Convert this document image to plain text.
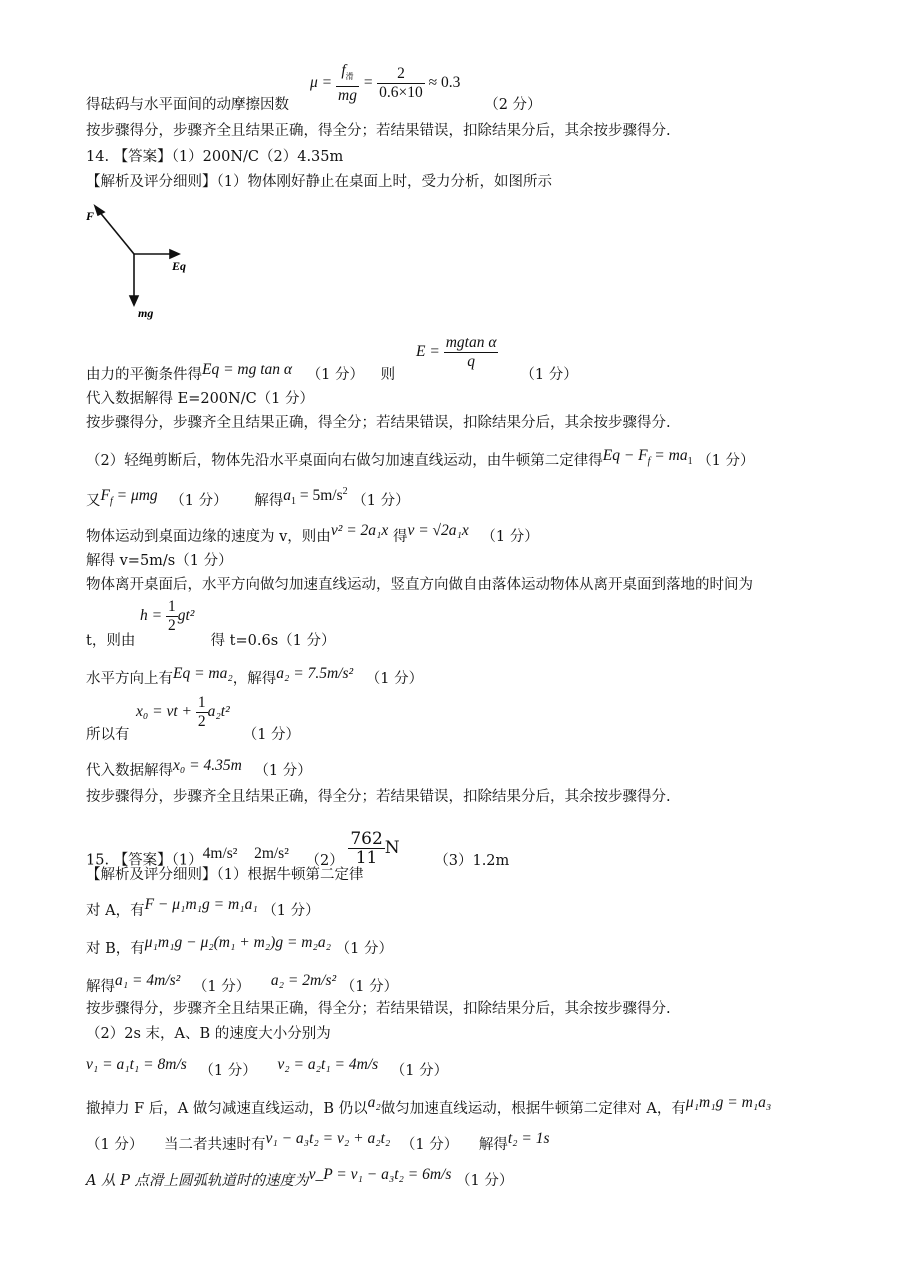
$\mu = \frac{f_滑}{mg} = \frac{2}{0.6\times 10} \approx 0.3$
得砝码与水平面间的动摩擦因数	（2 分）
按步骤得分，步骤齐全且结果正确，得全分；若结果错误，扣除结果分后，其余按步骤得分.
14. 【答案】（1）200N/C（2）4.35m
【解析及评分细则】（1）物体刚好静止在桌面上时，受力分析，如图所示
F
Eq
mg
$E = \frac{\text{mgtan α}}{q}$
由力的平衡条件得Eq = mg tan α （1 分） 则	（1 分）
代入数据解得 E=200N/C（1 分）
按步骤得分，步骤齐全且结果正确，得全分；若结果错误，扣除结果分后，其余按步骤得分.
（2）轻绳剪断后，物体先沿水平桌面向右做匀加速直线运动，由牛顿第二定律得$Eq - F_f = ma_1$ （1 分）
又$F_f = \mu mg$ （1 分） 解得$a_1 = 5m/s^2$ （1 分）
物体运动到桌面边缘的速度为 v，则由v² = 2a₁x 得v = √2a₁x （1 分）
解得 v=5m/s（1 分）
物体离开桌面后，水平方向做匀加速直线运动，竖直方向做自由落体运动物体从离开桌面到落地的时间为
$h = \frac{1}{2} gt^2$
t，则由	得 t=0.6s（1 分）
水平方向上有Eq = ma₂，解得a₂ = 7.5m/s² （1 分）
x₀ = vt + $\frac{1}{2} a_2t^2$
所以有	（1 分）
代入数据解得x₀ = 4.35m （1 分）
按步骤得分，步骤齐全且结果正确，得全分；若结果错误，扣除结果分后，其余按步骤得分.
15. 【答案】（1）4m/s² 2m/s² $(2) \frac{762}{11}$ N （3）1.2m
【解析及评分细则】（1）根据牛顿第二定律
对 A，有F − μ₁m₁g = m₁a₁ （1 分）
对 B，有μ₁m₁g − μ₂(m₁ + m₂)g = m₂a₂ （1 分）
解得a₁ = 4m/s² （1 分） a₂ = 2m/s² （1 分）
按步骤得分，步骤齐全且结果正确，得全分；若结果错误，扣除结果分后，其余按步骤得分.
（2）2s 末，A、B 的速度大小分别为
v₁ = a₁t₁ = 8m/s （1 分） v₂ = a₂t₁ = 4m/s （1 分）
撤掉力 F 后，A 做匀减速直线运动，B 仍以a₂做匀加速直线运动，根据牛顿第二定律对 A，有μ₁m₁g = m₁a₃
（1 分） 当二者共速时有v₁ − a₃t₂ = v₂ + a₂t₂ （1 分） 解得t₂ = 1s
A 从 P 点滑上圆弧轨道时的速度为v_P = v₁ − a₃t₂ = 6m/s （1 分）
